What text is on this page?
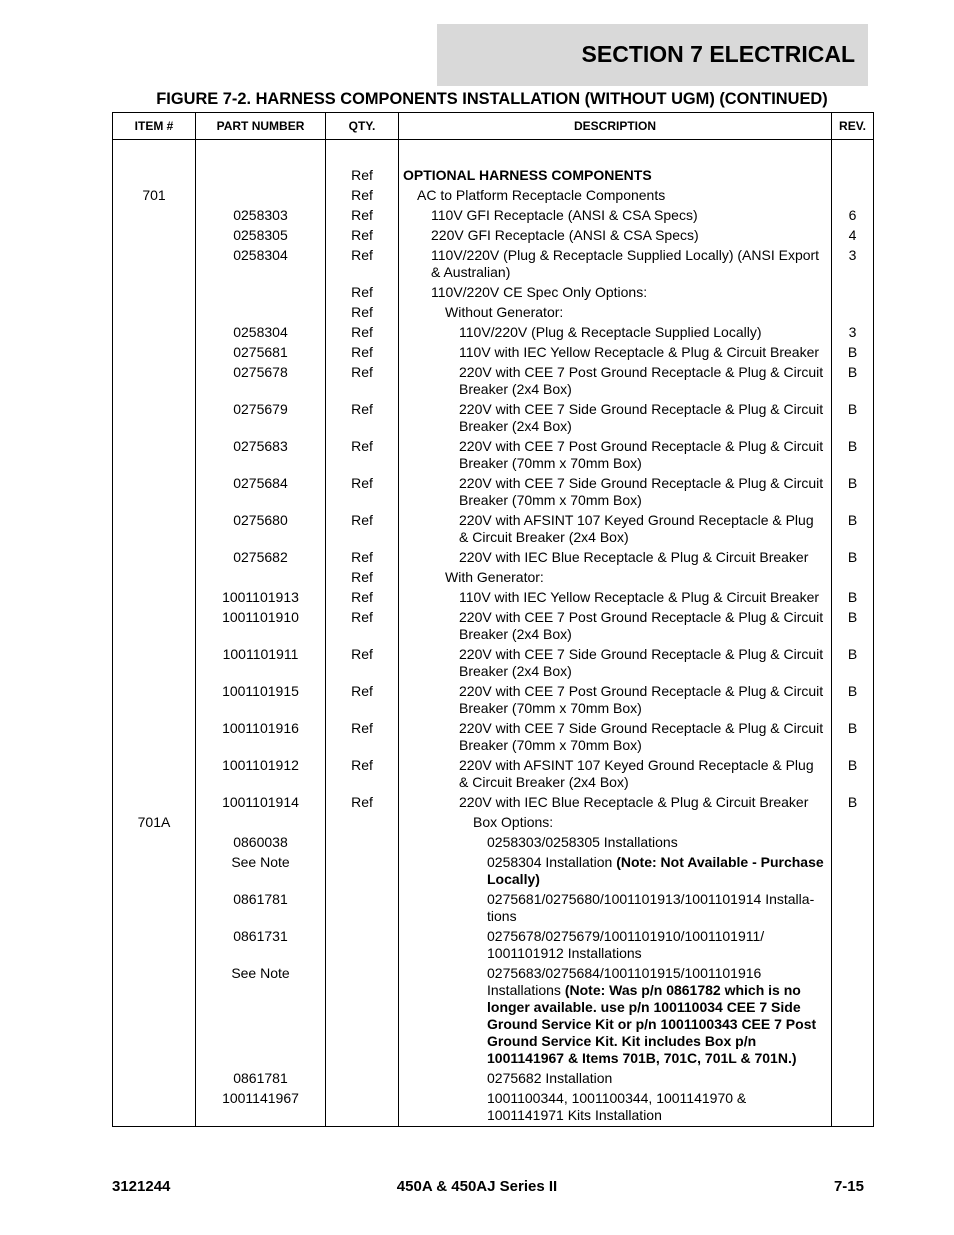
SECTION 7 ELECTRICAL
FIGURE 7-2. HARNESS COMPONENTS INSTALLATION (WITHOUT UGM) (CONTINUED)
ITEM #	PART NUMBER	QTY.	DESCRIPTION	REV.

		Ref	OPTIONAL HARNESS COMPONENTS	
701		Ref	AC to Platform Receptacle Components	
	0258303	Ref	110V GFI Receptacle (ANSI & CSA Specs)	6
	0258305	Ref	220V GFI Receptacle (ANSI & CSA Specs)	4
	0258304	Ref	110V/220V (Plug & Receptacle Supplied Locally) (ANSI Export & Australian)	3
		Ref	110V/220V CE Spec Only Options:	
		Ref	Without Generator:	
	0258304	Ref	110V/220V (Plug & Receptacle Supplied Locally)	3
	0275681	Ref	110V with IEC Yellow Receptacle & Plug & Circuit Breaker	B
	0275678	Ref	220V with CEE 7 Post Ground Receptacle & Plug & Circuit Breaker (2x4 Box)	B
	0275679	Ref	220V with CEE 7 Side Ground Receptacle & Plug & Circuit Breaker (2x4 Box)	B
	0275683	Ref	220V with CEE 7 Post Ground Receptacle & Plug & Circuit Breaker (70mm x 70mm Box)	B
	0275684	Ref	220V with CEE 7 Side Ground Receptacle & Plug & Circuit Breaker (70mm x 70mm Box)	B
	0275680	Ref	220V with AFSINT 107 Keyed Ground Receptacle & Plug & Circuit Breaker (2x4 Box)	B
	0275682	Ref	220V with IEC Blue Receptacle & Plug & Circuit Breaker	B
		Ref	With Generator:	
	1001101913	Ref	110V with IEC Yellow Receptacle & Plug & Circuit Breaker	B
	1001101910	Ref	220V with CEE 7 Post Ground Receptacle & Plug & Circuit Breaker (2x4 Box)	B
	1001101911	Ref	220V with CEE 7 Side Ground Receptacle & Plug & Circuit Breaker (2x4 Box)	B
	1001101915	Ref	220V with CEE 7 Post Ground Receptacle & Plug & Circuit Breaker (70mm x 70mm Box)	B
	1001101916	Ref	220V with CEE 7 Side Ground Receptacle & Plug & Circuit Breaker (70mm x 70mm Box)	B
	1001101912	Ref	220V with AFSINT 107 Keyed Ground Receptacle & Plug & Circuit Breaker (2x4 Box)	B
	1001101914	Ref	220V with IEC Blue Receptacle & Plug & Circuit Breaker	B
701A			Box Options:	
	0860038		0258303/0258305 Installations	
	See Note		0258304 Installation (Note: Not Available - Purchase Locally)	
	0861781		0275681/0275680/1001101913/1001101914 Installa-tions	
	0861731		0275678/0275679/1001101910/1001101911/ 1001101912 Installations	
	See Note		0275683/0275684/1001101915/1001101916 Installations (Note: Was p/n 0861782 which is no longer available. use p/n 100110034 CEE 7 Side Ground Service Kit or p/n 1001100343 CEE 7 Post Ground Service Kit. Kit includes Box p/n 1001141967 & Items 701B, 701C, 701L & 701N.)	
	0861781		0275682 Installation	
	1001141967		1001100344, 1001100344, 1001141970 & 1001141971 Kits Installation	
3121244	450A & 450AJ Series II	7-15
